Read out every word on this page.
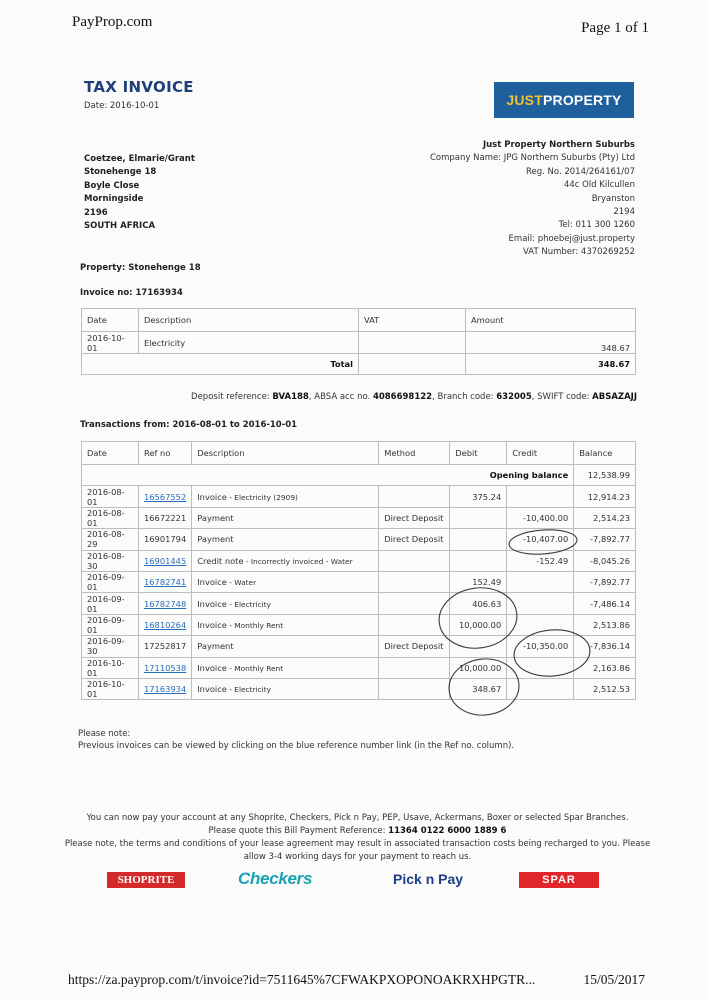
PayProp.com	Page 1 of 1
TAX INVOICE
Date: 2016-10-01	JUST PROPERTY
Just Property Northern Suburbs
Company Name: JPG Northern Suburbs (Pty) Ltd
Reg. No. 2014/264161/07
44c Old Kilcullen
Bryanston
2194
Tel: 011 300 1260
Email: phoebej@just.property
VAT Number: 4370269252
Coetzee, Elmarie/Grant
Stonehenge 18
Boyle Close
Morningside
2196
SOUTH AFRICA
Property: Stonehenge 18
Invoice no: 17163934
Date	Description	VAT	Amount
2016-10-01	Electricity		348.67
	Total		348.67
Deposit reference: BVA188, ABSA acc no. 4086698122, Branch code: 632005, SWIFT code: ABSAZAJJ
Transactions from: 2016-08-01 to 2016-10-01
Date	Ref no	Description	Method	Debit	Credit	Balance
Opening balance						12,538.99
2016-08-01	16567552	Invoice - Electricity (2909)		375.24		12,914.23
2016-08-01	16672221	Payment	Direct Deposit		-10,400.00	2,514.23
2016-08-29	16901794	Payment	Direct Deposit		-10,407.00	-7,892.77
2016-08-30	16901445	Credit note - Incorrectly invoiced - Water			-152.49	-8,045.26
2016-09-01	16782741	Invoice - Water		152.49		-7,892.77
2016-09-01	16782748	Invoice - Electricity		406.63		-7,486.14
2016-09-01	16810264	Invoice - Monthly Rent		10,000.00		2,513.86
2016-09-30	17252817	Payment	Direct Deposit		-10,350.00	-7,836.14
2016-10-01	17110538	Invoice - Monthly Rent		10,000.00		2,163.86
2016-10-01	17163934	Invoice - Electricity		348.67		2,512.53
Please note:
Previous invoices can be viewed by clicking on the blue reference number link (in the Ref no. column).
You can now pay your account at any Shoprite, Checkers, Pick n Pay, PEP, Usave, Ackermans, Boxer or selected Spar Branches.
Please quote this Bill Payment Reference: 11364 0122 6000 1889 6
Please note, the terms and conditions of your lease agreement may result in associated transaction costs being recharged to you. Please allow 3-4 working days for your payment to reach us.
SHOPRITE	Checkers	Pick n Pay	SPAR
https://za.payprop.com/t/invoice?id=7511645%7CFWAKPXOPONOAKRXHPGTR...	15/05/2017
